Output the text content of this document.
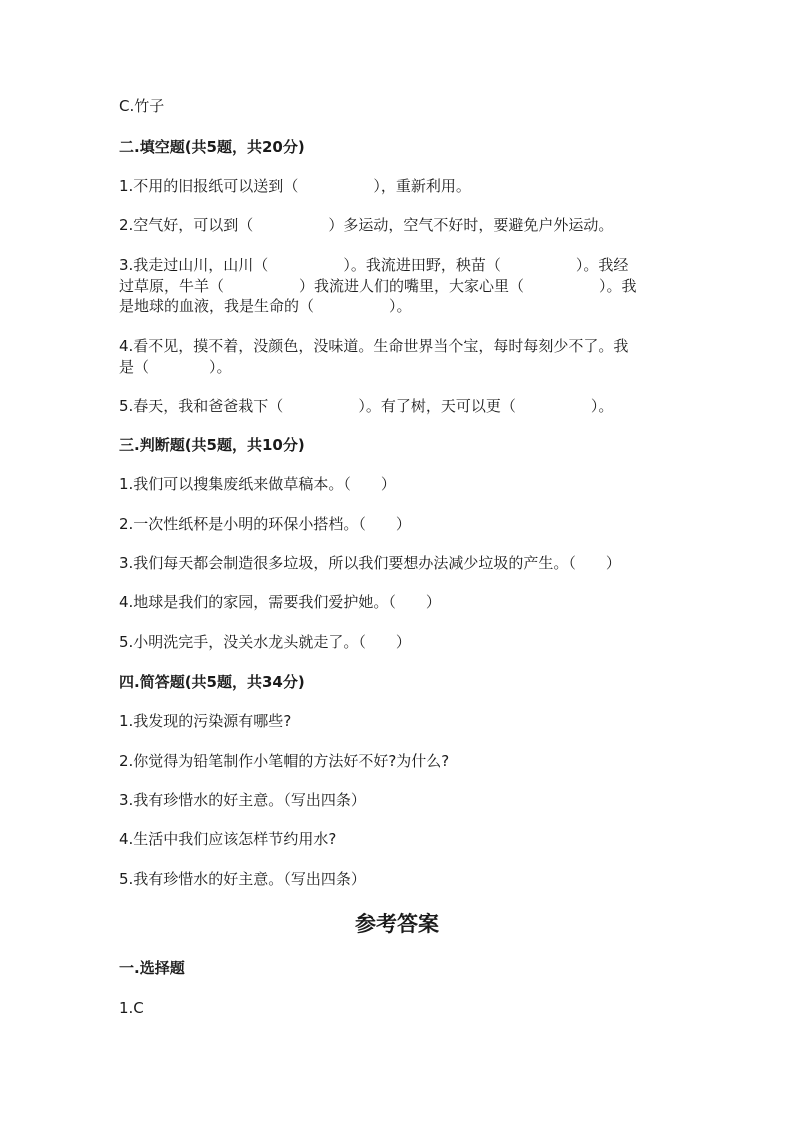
C.竹子
二.填空题(共5题，共20分)
1.不用的旧报纸可以送到（　　　　　），重新利用。
2.空气好，可以到（　　　　　）多运动，空气不好时，要避免户外运动。
3.我走过山川，山川（　　　　　）。我流进田野，秧苗（　　　　　）。我经
过草原，牛羊（　　　　　）我流进人们的嘴里，大家心里（　　　　　）。我
是地球的血液，我是生命的（　　　　　）。
4.看不见，摸不着，没颜色，没味道。生命世界当个宝，每时每刻少不了。我
是（　　　　）。
5.春天，我和爸爸栽下（　　　　　）。有了树，天可以更（　　　　　）。
三.判断题(共5题，共10分)
1.我们可以搜集废纸来做草稿本。（　　）
2.一次性纸杯是小明的环保小搭档。（　　）
3.我们每天都会制造很多垃圾，所以我们要想办法减少垃圾的产生。（　　）
4.地球是我们的家园，需要我们爱护她。（　　）
5.小明洗完手，没关水龙头就走了。（　　）
四.简答题(共5题，共34分)
1.我发现的污染源有哪些?
2.你觉得为铅笔制作小笔帽的方法好不好?为什么?
3.我有珍惜水的好主意。（写出四条）
4.生活中我们应该怎样节约用水?
5.我有珍惜水的好主意。（写出四条）
参考答案
一.选择题
1.C
